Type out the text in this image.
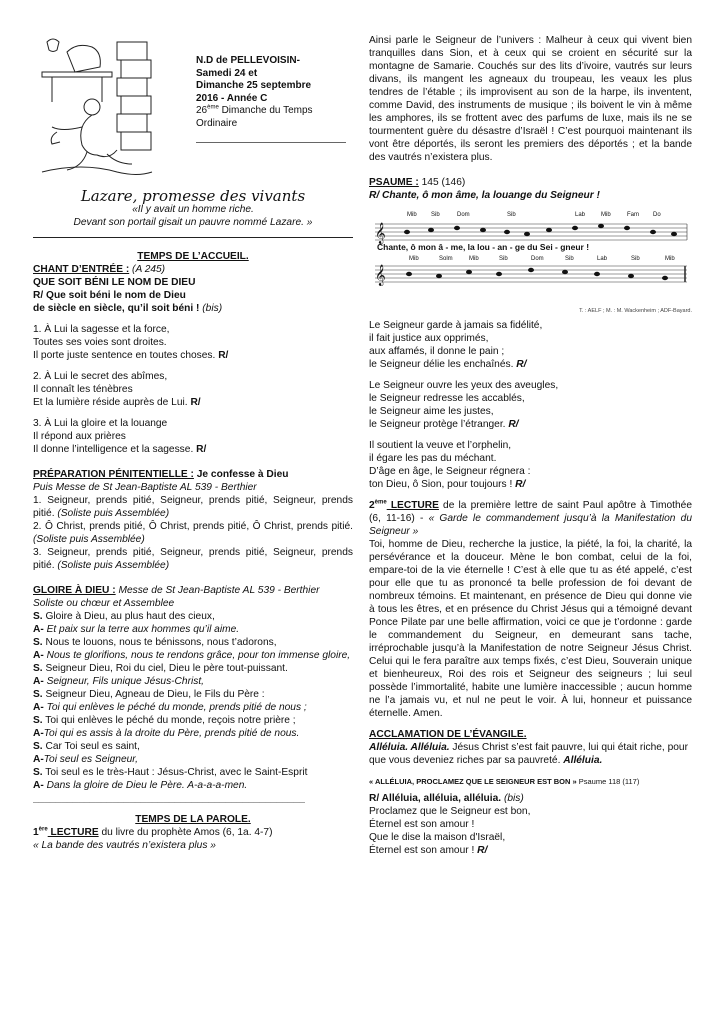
N.D de PELLEVOISIN-

Samedi 24 et

Dimanche 25 septembre

2016 - Année C

26ème Dimanche du Temps

Ordinaire

Lazare, promesse des vivants

«Il y avait un homme riche.

Devant son portail gisait un pauvre nommé Lazare. »

TEMPS DE L’ACCUEIL.

CHANT D’ENTRÉE : (A 245)

QUE SOIT BÉNI LE NOM DE DIEU

R/ Que soit béni le nom de Dieu

de siècle en siècle, qu’il soit béni ! (bis)

1. À Lui la sagesse et la force,

Toutes ses voies sont droites.

Il porte juste sentence en toutes choses. R/

2. À Lui le secret des abîmes,

Il connaît les ténèbres

Et la lumière réside auprès de Lui. R/

3. À Lui la gloire et la louange

Il répond aux prières

Il donne l’intelligence et la sagesse. R/

PRÉPARATION PÉNITENTIELLE : Je confesse à Dieu

Puis Messe de St Jean-Baptiste AL 539 - Berthier

1. Seigneur, prends pitié, Seigneur, prends pitié, Seigneur, prends pitié. (Soliste puis Assemblée)

2. Ô Christ, prends pitié, Ô Christ, prends pitié, Ô Christ, prends pitié. (Soliste puis Assemblée)

3. Seigneur, prends pitié, Seigneur, prends pitié, Seigneur, prends pitié. (Soliste puis Assemblée)

GLOIRE À DIEU : Messe de St Jean-Baptiste AL 539 - Berthier

Soliste ou chœur et Assemblee

S. Gloire à Dieu, au plus haut des cieux,

A- Et paix sur la terre aux hommes qu’il aime.

S. Nous te louons, nous te bénissons, nous t’adorons,

A- Nous te glorifions, nous te rendons grâce, pour ton immense gloire,

S. Seigneur Dieu, Roi du ciel, Dieu le père tout-puissant.

A- Seigneur, Fils unique Jésus-Christ,

S. Seigneur Dieu, Agneau de Dieu, le Fils du Père :

A- Toi qui enlèves le péché du monde, prends pitié de nous ;

S. Toi qui enlèves le péché du monde, reçois notre prière ;

A-Toi qui es assis à la droite du Père, prends pitié de nous.

S. Car Toi seul es saint,

A-Toi seul es Seigneur,

S. Toi seul es le très-Haut : Jésus-Christ, avec le Saint-Esprit

A- Dans la gloire de Dieu le Père. A-a-a-a-men.

________________________________________________

TEMPS DE LA PAROLE.

1ère LECTURE du livre du prophète Amos (6, 1a. 4‑7)

« La bande des vautrés n’existera plus »

Ainsi parle le Seigneur de l’univers : Malheur à ceux qui vivent bien tranquilles dans Sion, et à ceux qui se croient en sécurité sur la montagne de Samarie. Couchés sur des lits d’ivoire, vautrés sur leurs divans, ils mangent les agneaux du troupeau, les veaux les plus tendres de l’étable ; ils improvisent au son de la harpe, ils inventent, comme David, des instruments de musique ; ils boivent le vin à même les amphores, ils se frottent avec des parfums de luxe, mais ils ne se tourmentent guère du désastre d’Israël ! C’est pourquoi maintenant ils vont être déportés, ils seront les premiers des déportés ; et la bande des vautrés n’existera plus.

PSAUME : 145 (146)

R/ Chante, ô mon âme, la louange du Seigneur !

𝄞
𝄞
Mib Sib	Dom	Sib	Lab	Mib	Fam Do
Mib	Solm	Mib	Sib	Dom	Sib	Lab	Sib	Mib
Chante, ô mon â - me, la lou - an - ge du Sei - gneur !

T. : AELF ; M. : M. Wackenheim ; ADF-Bayard.

Le Seigneur garde à jamais sa fidélité,

il fait justice aux opprimés,

aux affamés, il donne le pain ;

le Seigneur délie les enchaînés. R/

Le Seigneur ouvre les yeux des aveugles,

le Seigneur redresse les accablés,

le Seigneur aime les justes,

le Seigneur protège l’étranger. R/

Il soutient la veuve et l’orphelin,

il égare les pas du méchant.

D’âge en âge, le Seigneur régnera :

ton Dieu, ô Sion, pour toujours ! R/

2ème LECTURE de la première lettre de saint Paul apôtre à Timothée (6, 11‑16) - « Garde le commandement jusqu’à la Manifestation du Seigneur »

Toi, homme de Dieu, recherche la justice, la piété, la foi, la charité, la persévérance et la douceur. Mène le bon combat, celui de la foi, empare-toi de la vie éternelle ! C’est à elle que tu as été appelé, c’est pour elle que tu as prononcé ta belle profession de foi devant de nombreux témoins. Et maintenant, en présence de Dieu qui donne vie à tous les êtres, et en présence du Christ Jésus qui a témoigné devant Ponce Pilate par une belle affirmation, voici ce que je t’ordonne : garde le commandement du Seigneur, en demeurant sans tache, irréprochable jusqu’à la Manifestation de notre Seigneur Jésus Christ. Celui qui le fera paraître aux temps fixés, c’est Dieu, Souverain unique et bienheureux, Roi des rois et Seigneur des seigneurs ; lui seul possède l’immortalité, habite une lumière inaccessible ; aucun homme ne l’a jamais vu, et nul ne peut le voir. À lui, honneur et puissance éternelle. Amen.

ACCLAMATION DE L’ÉVANGILE.

Alléluia. Alléluia. Jésus Christ s’est fait pauvre, lui qui était riche, pour que vous deveniez riches par sa pauvreté. Alléluia.

« ALLÉLUIA, PROCLAMEZ QUE LE SEIGNEUR EST BON » Psaume 118 (117)

R/ Alléluia, alléluia, alléluia. (bis)

Proclamez que le Seigneur est bon,

Éternel est son amour !

Que le dise la maison d'Israël,

Éternel est son amour ! R/
